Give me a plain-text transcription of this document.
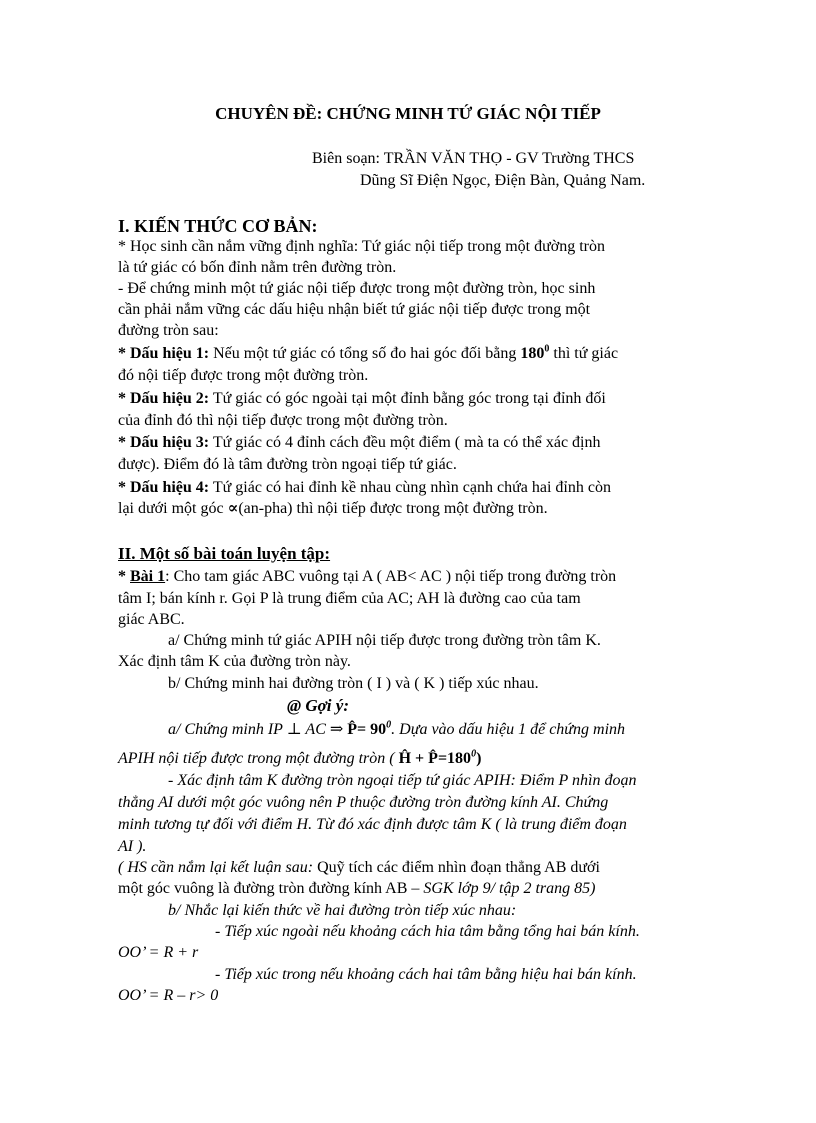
CHUYÊN ĐỀ: CHỨNG MINH TỨ GIÁC NỘI TIẾP
Biên soạn: TRẦN VĂN THỌ - GV Trường THCS
Dũng Sĩ Điện Ngọc, Điện Bàn, Quảng Nam.
I. KIẾN THỨC CƠ BẢN:
* Học sinh cần nắm vững định nghĩa: Tứ giác nội tiếp trong một đường tròn
là tứ giác có bốn đỉnh nằm trên đường tròn.
- Để chứng minh một tứ giác nội tiếp được trong một đường tròn, học sinh
cần phải nắm vững các dấu hiệu nhận biết tứ giác nội tiếp được trong một
đường tròn sau:
* Dấu hiệu 1: Nếu một tứ giác có tổng số đo hai góc đối bằng $180^0$ thì tứ giác
đó nội tiếp được trong một đường tròn.
* Dấu hiệu 2: Tứ giác có góc ngoài tại một đỉnh bằng góc trong tại đỉnh đối
của đỉnh đó thì nội tiếp được trong một đường tròn.
* Dấu hiệu 3: Tứ giác có 4 đỉnh cách đều một điểm ( mà ta có thể xác định
được). Điểm đó là tâm đường tròn ngoại tiếp tứ giác.
* Dấu hiệu 4: Tứ giác có hai đỉnh kề nhau cùng nhìn cạnh chứa hai đỉnh còn
lại dưới một góc ∝(an-pha) thì nội tiếp được trong một đường tròn.
II. Một số bài toán luyện tập:
* Bài 1: Cho tam giác ABC vuông tại A ( AB< AC ) nội tiếp trong đường tròn
tâm I; bán kính r. Gọi P là trung điểm của AC; AH là đường cao của tam
giác ABC.
a/ Chứng minh tứ giác APIH nội tiếp được trong đường tròn tâm K.
Xác định tâm K của đường tròn này.
b/ Chứng minh hai đường tròn ( I ) và ( K ) tiếp xúc nhau.
@ Gợi ý:
a/ Chứng minh IP ⊥ AC ⇒ P̂= $90^0$. Dựa vào dấu hiệu 1 để chứng minh
APIH nội tiếp được trong một đường tròn ( Ĥ + $P̂=180^0$)
- Xác định tâm K đường tròn ngoại tiếp tứ giác APIH: Điểm P nhìn đoạn
thẳng AI dưới một góc vuông nên P thuộc đường tròn đường kính AI. Chứng
minh tương tự đối với điểm H. Từ đó xác định được tâm K ( là trung điểm đoạn
AI ).
( HS cần nắm lại kết luận sau: Quỹ tích các điểm nhìn đoạn thẳng AB dưới
một góc vuông là đường tròn đường kính AB – SGK lớp 9/ tập 2 trang 85)
b/ Nhắc lại kiến thức về hai đường tròn tiếp xúc nhau:
- Tiếp xúc ngoài nếu khoảng cách hia tâm bằng tổng hai bán kính.
OO’ = R + r
- Tiếp xúc trong nếu khoảng cách hai tâm bằng hiệu hai bán kính.
OO’ = R – r> 0
